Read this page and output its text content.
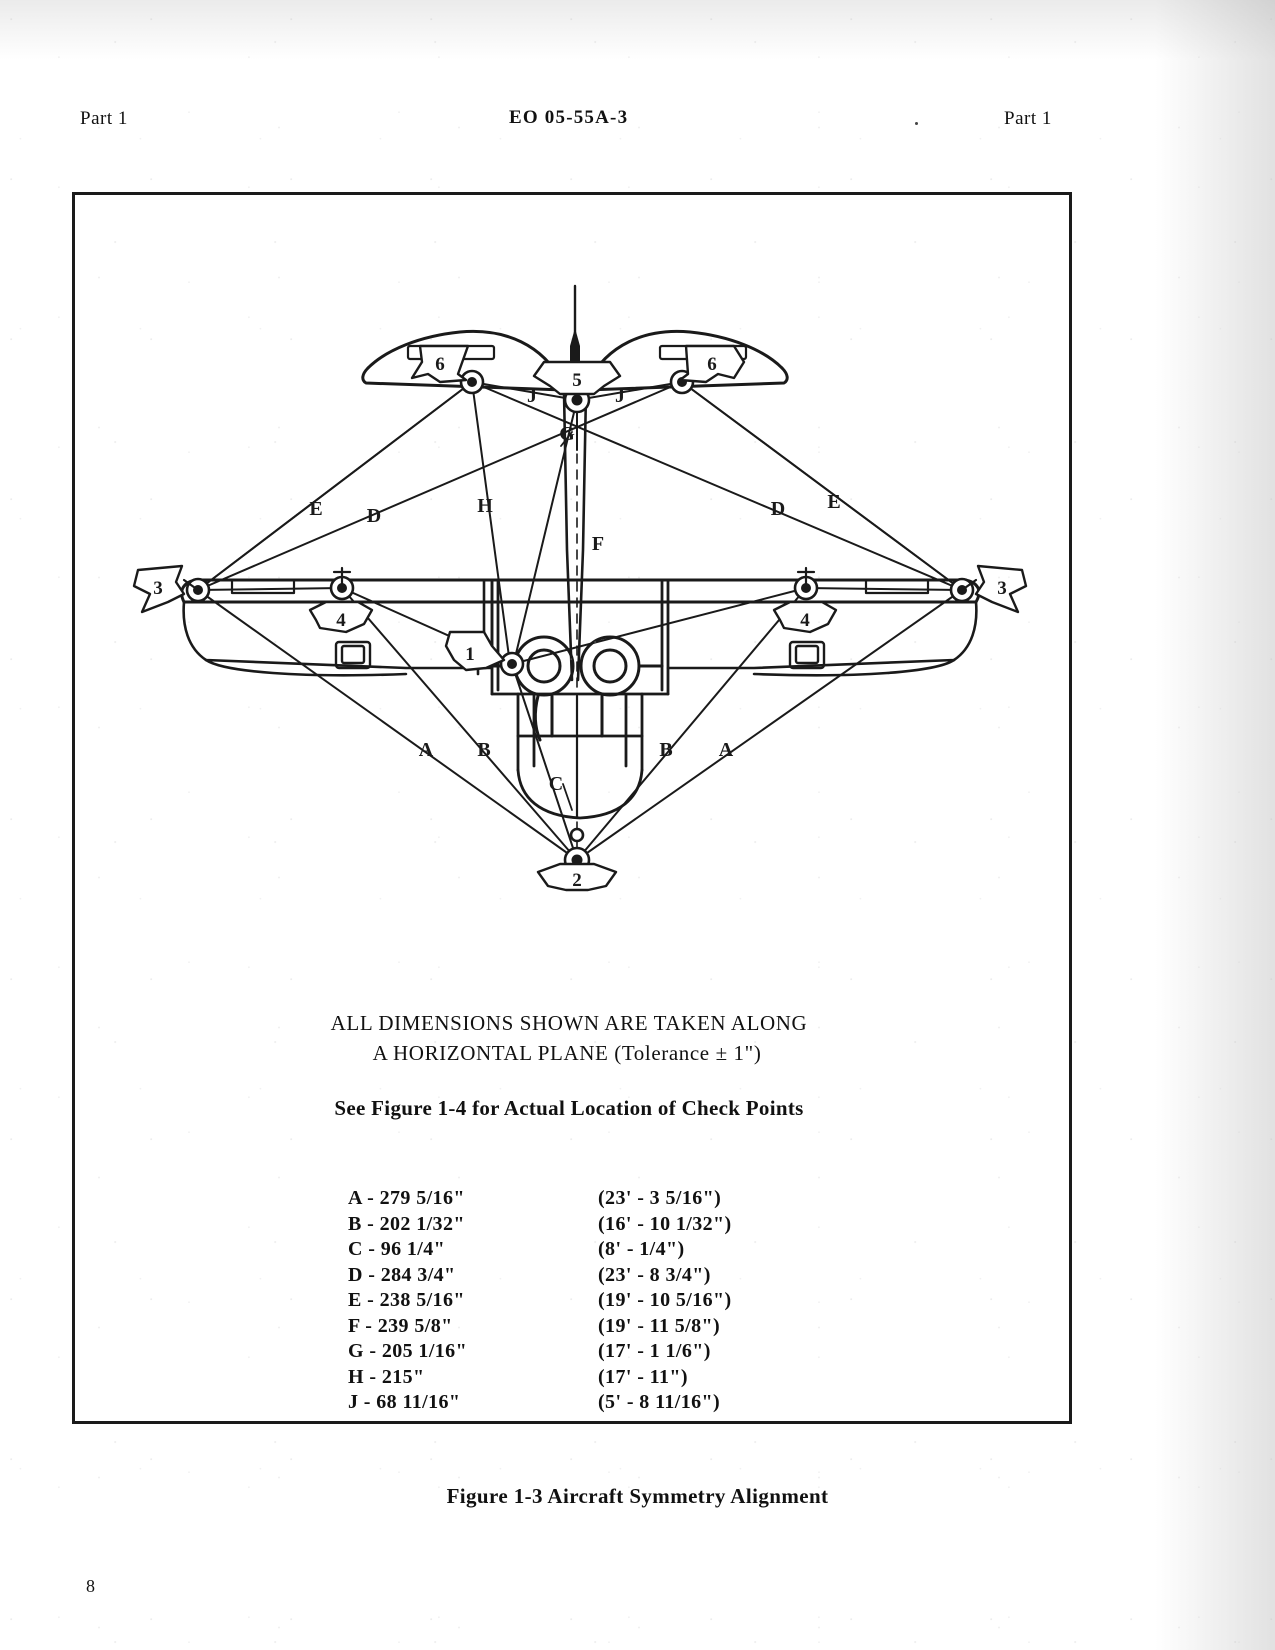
Part 1	EO 05-55A-3	Part 1
6	6
5
3	3
4	4
1
2
E D	H	D E
F
G
J	J
A B	B A
C
ALL DIMENSIONS SHOWN ARE TAKEN ALONG
A HORIZONTAL PLANE (Tolerance ± 1")
See Figure 1-4 for Actual Location of Check Points
A - 279 5/16"	(23' - 3 5/16")
B - 202 1/32"	(16' - 10 1/32")
C - 96 1/4"	(8' - 1/4")
D - 284 3/4"	(23' - 8 3/4")
E - 238 5/16"	(19' - 10 5/16")
F - 239 5/8"	(19' - 11 5/8")
G - 205 1/16"	(17' - 1 1/6")
H - 215"	(17' - 11")
J - 68 11/16"	(5' - 8 11/16")
Figure 1-3 Aircraft Symmetry Alignment
8
